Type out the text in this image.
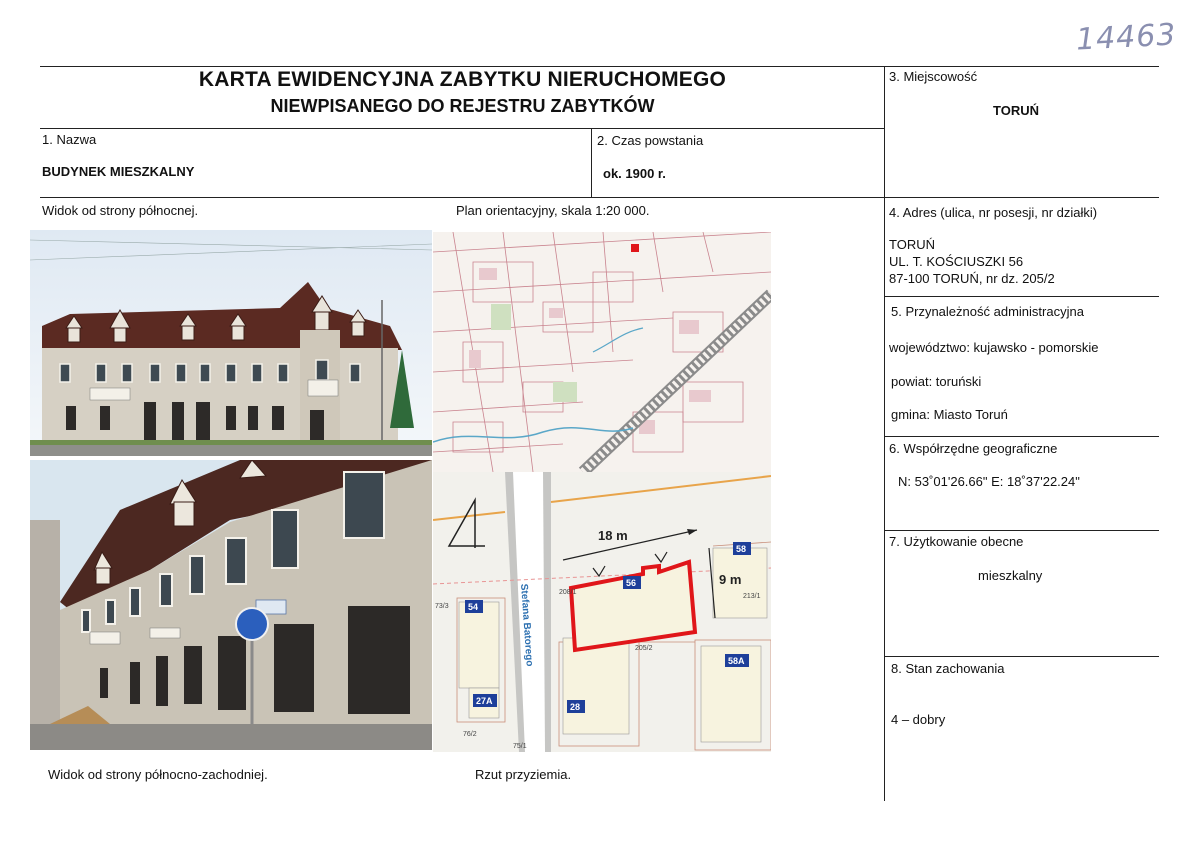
14463
KARTA EWIDENCYJNA ZABYTKU NIERUCHOMEGO
NIEWPISANEGO DO REJESTRU ZABYTKÓW
1. Nazwa
BUDYNEK MIESZKALNY
2. Czas powstania
ok. 1900 r.
3. Miejscowość
TORUŃ
4. Adres (ulica, nr posesji, nr działki)
TORUŃ
UL. T. KOŚCIUSZKI 56
87-100 TORUŃ, nr dz. 205/2
5. Przynależność administracyjna
województwo: kujawsko - pomorskie
powiat: toruński
gmina: Miasto Toruń
6. Współrzędne geograficzne
N: 53˚01'26.66" E: 18˚37'22.24"
7. Użytkowanie obecne
mieszkalny
8. Stan zachowania
4 – dobry
Widok od strony północnej.	Plan orientacyjny, skala 1:20 000.
Widok od strony północno-zachodniej.	Rzut przyziemia.
18 m
9 m
Stefana Batorego
54
56
58
58A
27A
28
205/2
213/1
73/3
76/2
75/1
208/1
